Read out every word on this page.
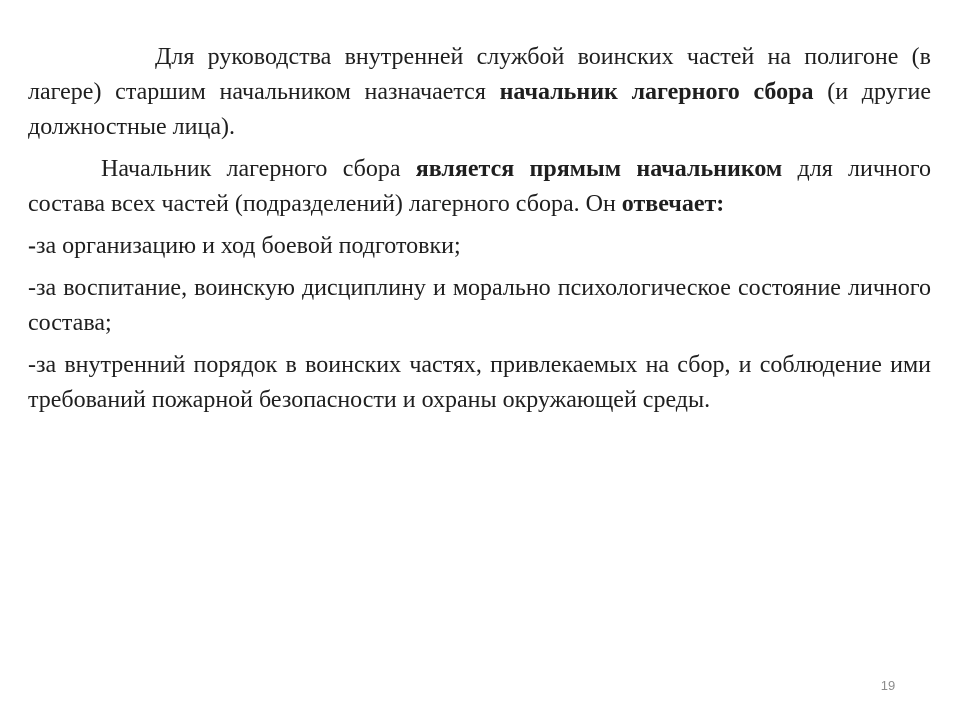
Для руководства внутренней службой воинских частей на полигоне (в лагере) старшим начальником назначается начальник лагерного сбора (и другие должностные лица).

Начальник лагерного сбора является прямым начальником для личного состава всех частей (подразделений) лагерного сбора. Он отвечает:

-за организацию и ход боевой подготовки;

-за воспитание, воинскую дисциплину и морально психологическое состояние личного состава;

-за внутренний порядок в воинских частях, привлекаемых на сбор, и соблюдение ими требований пожарной безопасности и охраны окружающей среды.

19
